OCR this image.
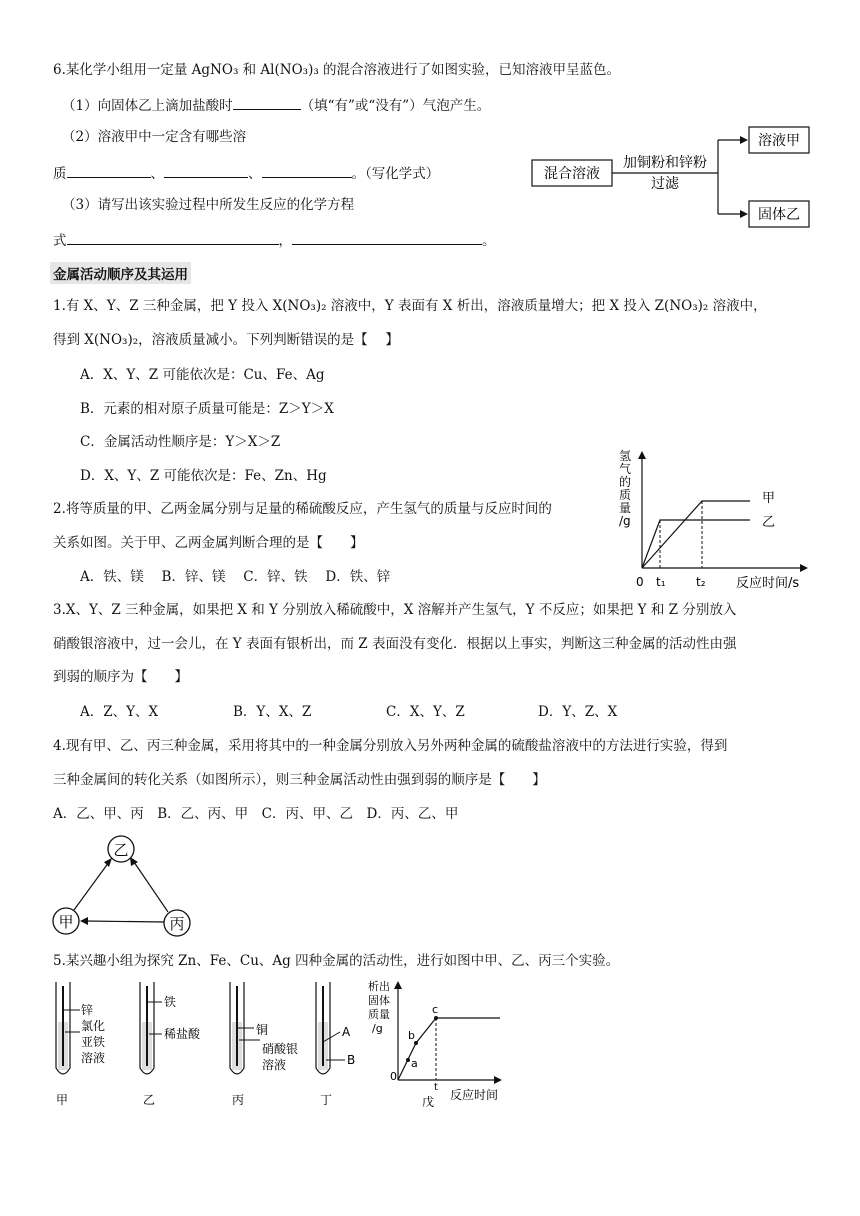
6.某化学小组用一定量 AgNO₃ 和 Al(NO₃)₃ 的混合溶液进行了如图实验，已知溶液甲呈蓝色。
（1）向固体乙上滴加盐酸时	（填“有”或“没有”）气泡产生。
（2）溶液甲中一定含有哪些溶
质	、	、	。（写化学式）
（3）请写出该实验过程中所发生反应的化学方程
式	，	。
混合溶液
加铜粉和锌粉
过滤
溶液甲
固体乙
金属活动顺序及其运用
1.有 X、Y、Z 三种金属，把 Y 投入 X(NO₃)₂ 溶液中，Y 表面有 X 析出，溶液质量增大；把 X 投入 Z(NO₃)₂ 溶液中，
得到 X(NO₃)₂，溶液质量减小。下列判断错误的是【　 】
A．X、Y、Z 可能依次是：Cu、Fe、Ag
B．元素的相对原子质量可能是：Z＞Y＞X
C．金属活动性顺序是：Y＞X＞Z
D．X、Y、Z 可能依次是：Fe、Zn、Hg
2.将等质量的甲、乙两金属分别与足量的稀硫酸反应，产生氢气的质量与反应时间的
关系如图。关于甲、乙两金属判断合理的是【　　】
A．铁、镁　 B．锌、镁　 C．锌、铁　 D．铁、锌
氢气的质量/g
氢气的质量/g
甲
乙
0 t₁	t₂ 反应时间/s
3.X、Y、Z 三种金属，如果把 X 和 Y 分别放入稀硫酸中，X 溶解并产生氢气，Y 不反应；如果把 Y 和 Z 分别放入
硝酸银溶液中，过一会儿，在 Y 表面有银析出，而 Z 表面没有变化．根据以上事实，判断这三种金属的活动性由强
到弱的顺序为【　　】
A．Z、Y、X	B．Y、X、Z	C．X、Y、Z	D．Y、Z、X
4.现有甲、乙、丙三种金属，采用将其中的一种金属分别放入另外两种金属的硫酸盐溶液中的方法进行实验，得到
三种金属间的转化关系（如图所示），则三种金属活动性由强到弱的顺序是【　　】
A．乙、甲、丙　B．乙、丙、甲　C．丙、甲、乙　D．丙、乙、甲
乙
甲	丙
5.某兴趣小组为探究 Zn、Fe、Cu、Ag 四种金属的活动性，进行如图中甲、乙、丙三个实验。
锌
氯化
亚铁
溶液
甲
铁
稀盐酸
乙
铜
硝酸银
溶液
丙
A
B
丁
析出
固体
质量
/g
a
b
c
0
t
反应时间
戊
